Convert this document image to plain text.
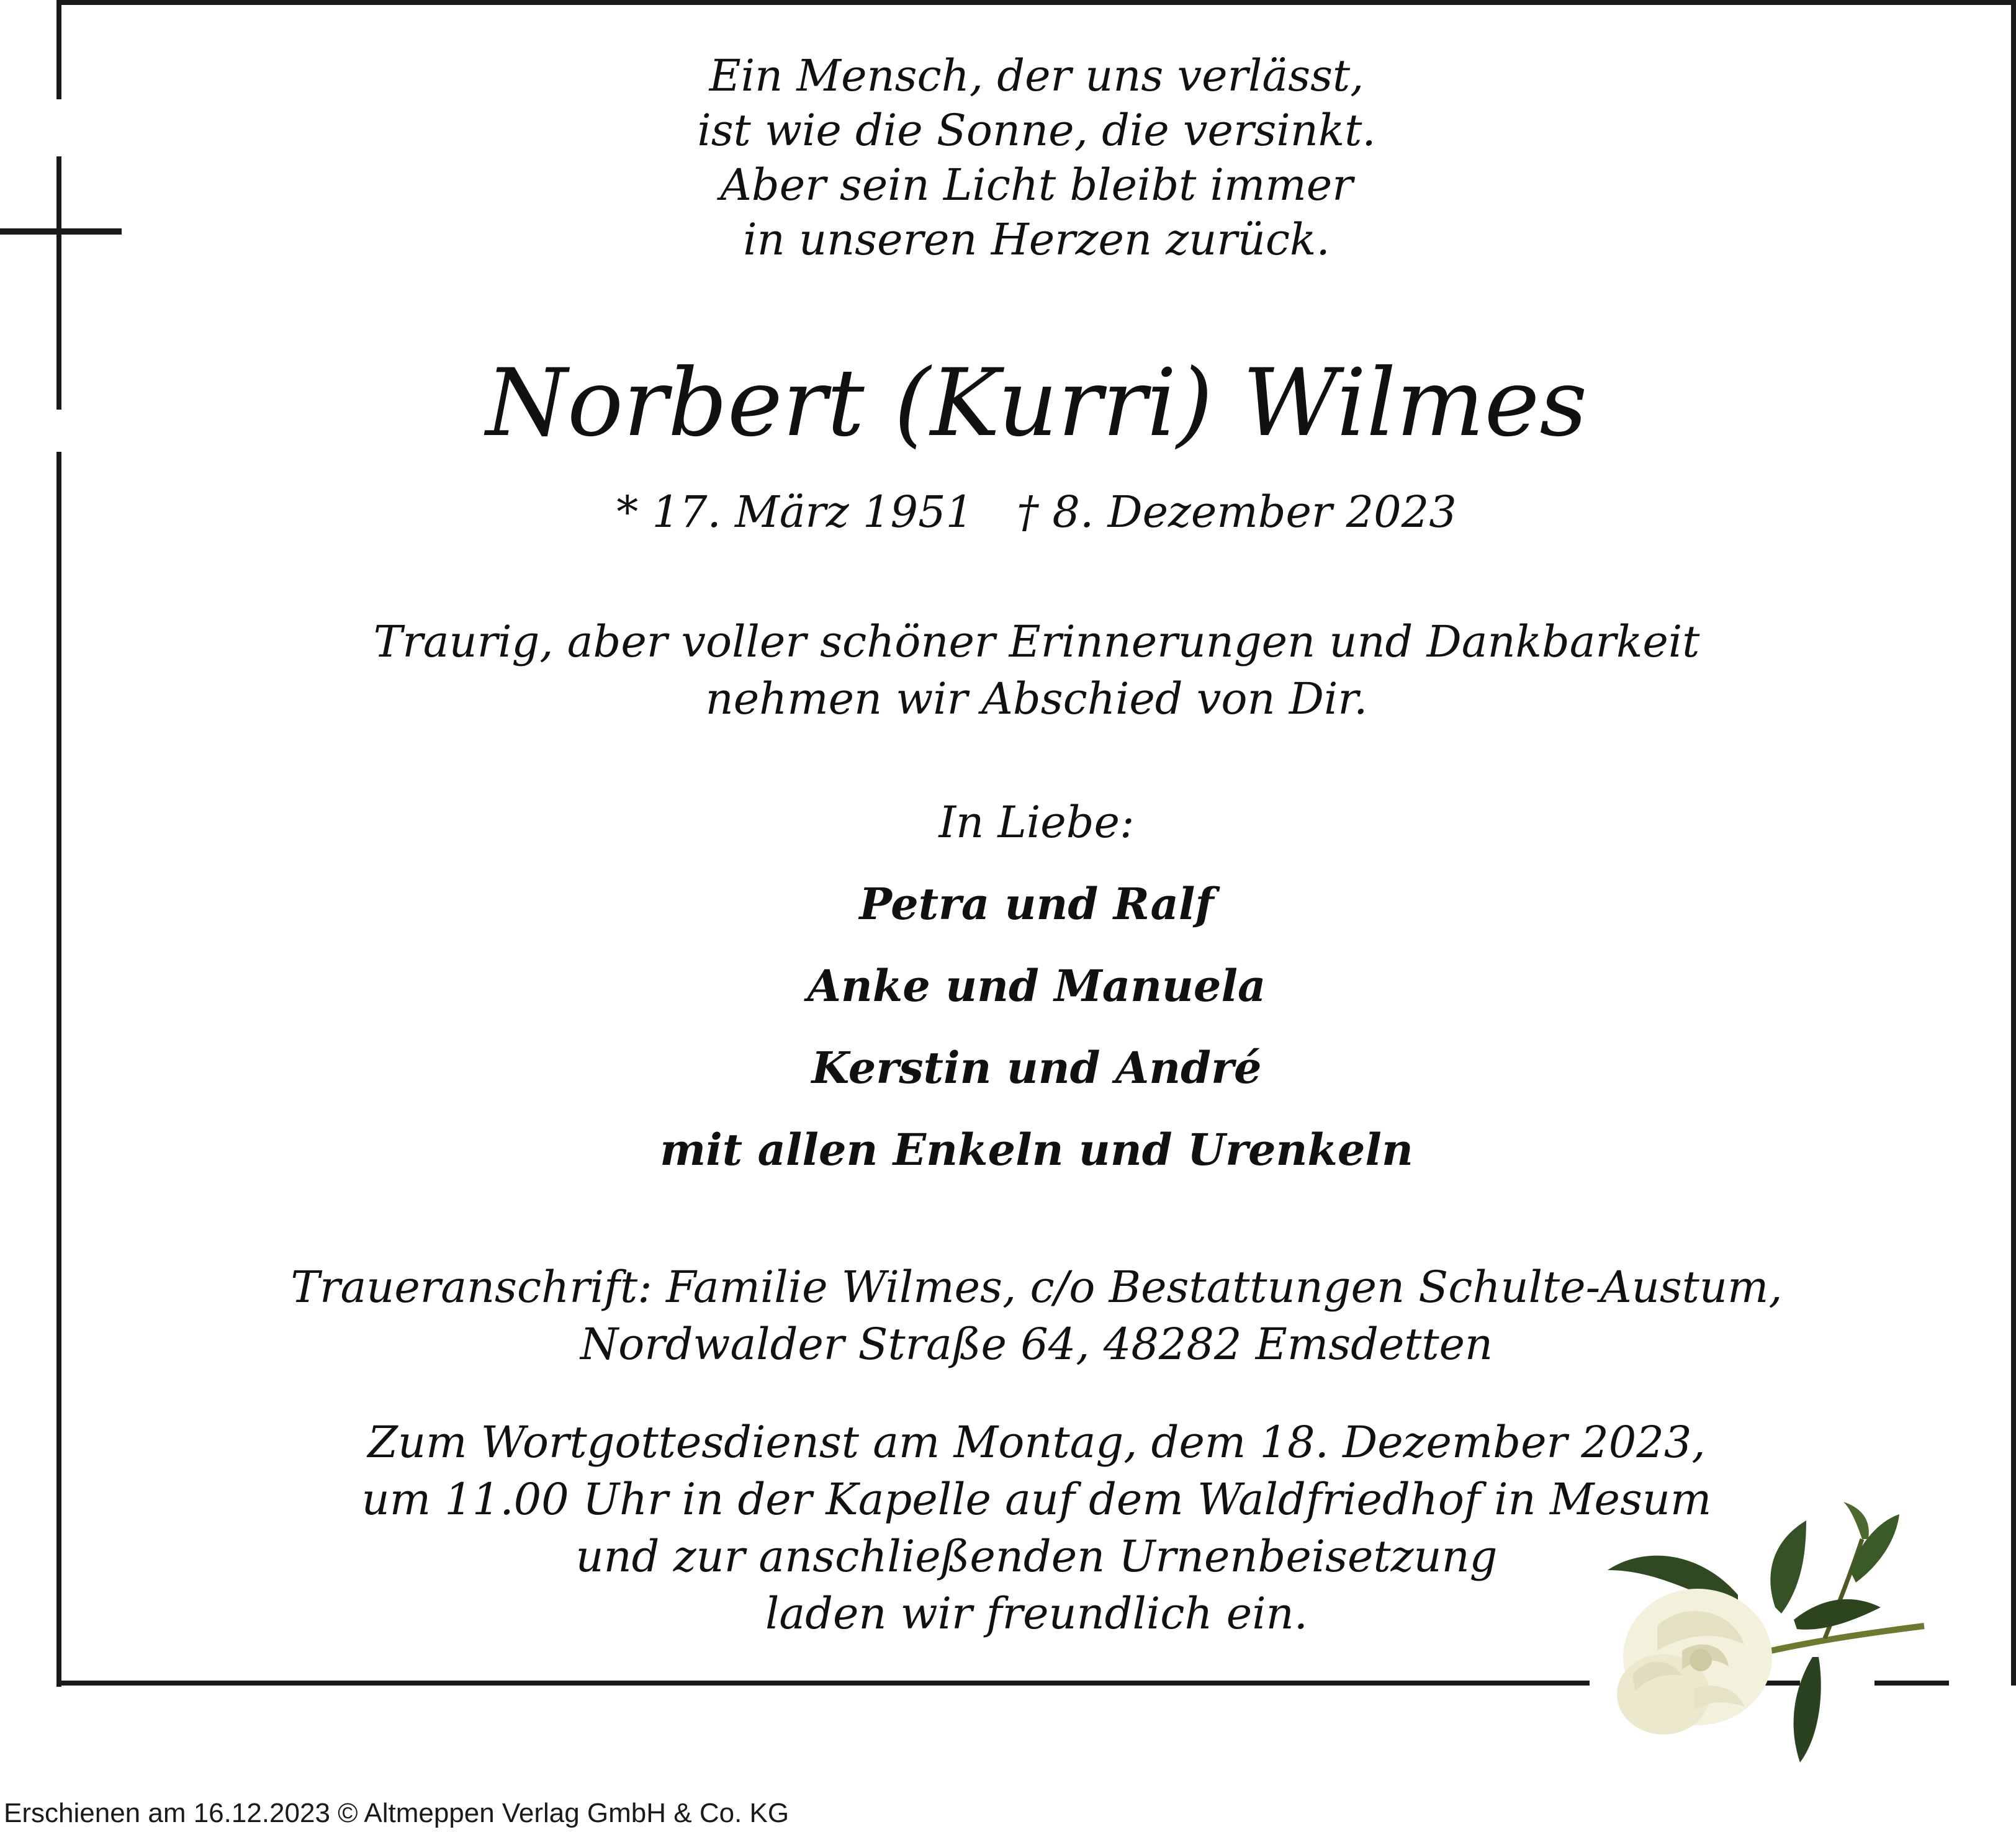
Ein Mensch, der uns verlässt,
ist wie die Sonne, die versinkt.
Aber sein Licht bleibt immer
in unseren Herzen zurück.
Norbert (Kurri) Wilmes
* 17. März 1951 † 8. Dezember 2023
Traurig, aber voller schöner Erinnerungen und Dankbarkeit
nehmen wir Abschied von Dir.
In Liebe:
Petra und Ralf
Anke und Manuela
Kerstin und André
mit allen Enkeln und Urenkeln
Traueranschrift: Familie Wilmes, c/o Bestattungen Schulte-Austum,
Nordwalder Straße 64, 48282 Emsdetten
Zum Wortgottesdienst am Montag, dem 18. Dezember 2023,
um 11.00 Uhr in der Kapelle auf dem Waldfriedhof in Mesum
und zur anschließenden Urnenbeisetzung
laden wir freundlich ein.
Erschienen am 16.12.2023 © Altmeppen Verlag GmbH & Co. KG
